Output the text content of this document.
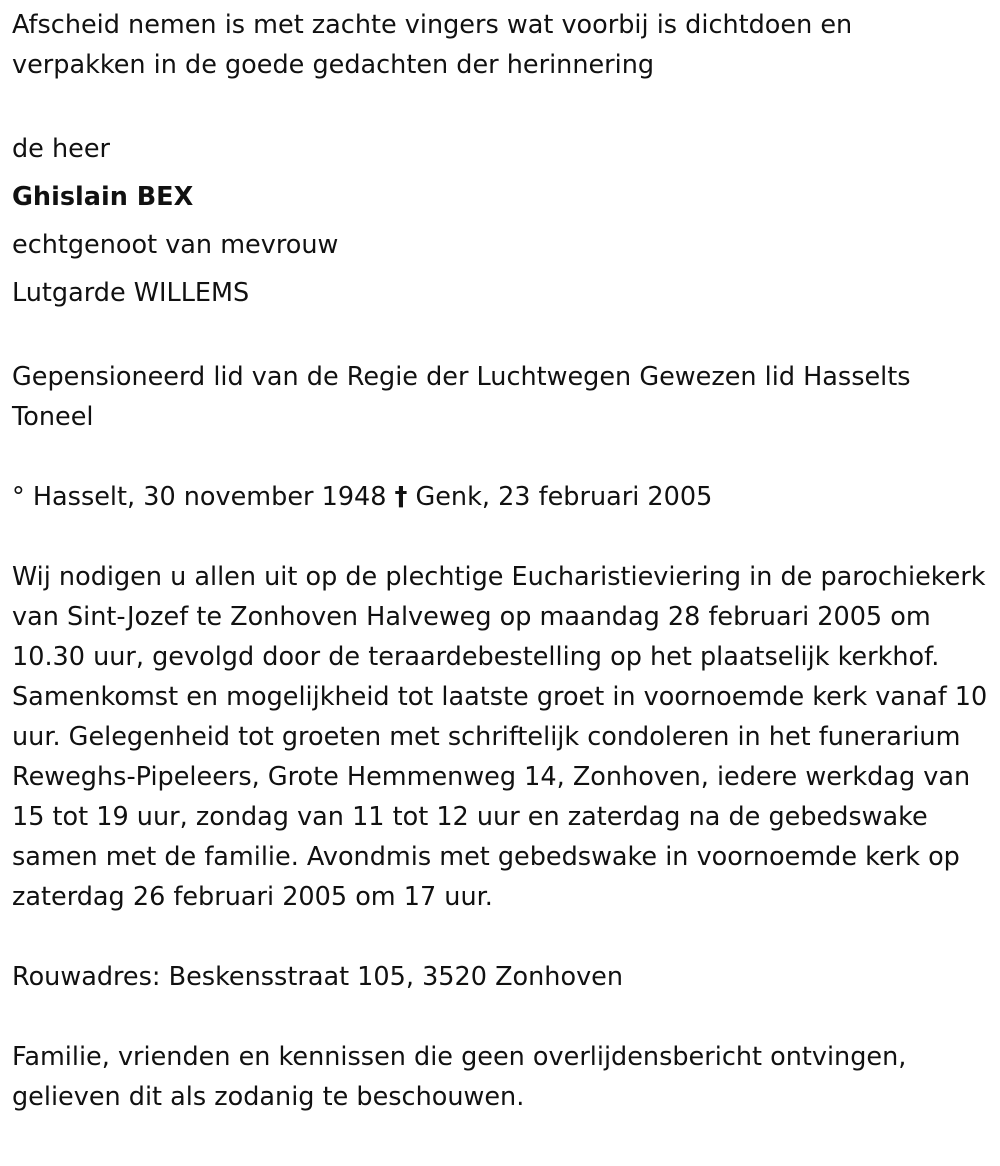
Afscheid nemen is met zachte vingers wat voorbij is dichtdoen en verpakken in de goede gedachten der herinnering

de heer

Ghislain BEX

echtgenoot van mevrouw

Lutgarde WILLEMS

Gepensioneerd lid van de Regie der Luchtwegen Gewezen lid Hasselts Toneel

° Hasselt, 30 november 1948 † Genk, 23 februari 2005

Wij nodigen u allen uit op de plechtige Eucharistieviering in de parochiekerk van Sint-Jozef te Zonhoven Halveweg op maandag 28 februari 2005 om 10.30 uur, gevolgd door de teraardebestelling op het plaatselijk kerkhof. Samenkomst en mogelijkheid tot laatste groet in voornoemde kerk vanaf 10 uur. Gelegenheid tot groeten met schriftelijk condoleren in het funerarium Reweghs-Pipeleers, Grote Hemmenweg 14, Zonhoven, iedere werkdag van 15 tot 19 uur, zondag van 11 tot 12 uur en zaterdag na de gebedswake samen met de familie. Avondmis met gebedswake in voornoemde kerk op zaterdag 26 februari 2005 om 17 uur.

Rouwadres: Beskensstraat 105, 3520 Zonhoven

Familie, vrienden en kennissen die geen overlijdensbericht ontvingen, gelieven dit als zodanig te beschouwen.
